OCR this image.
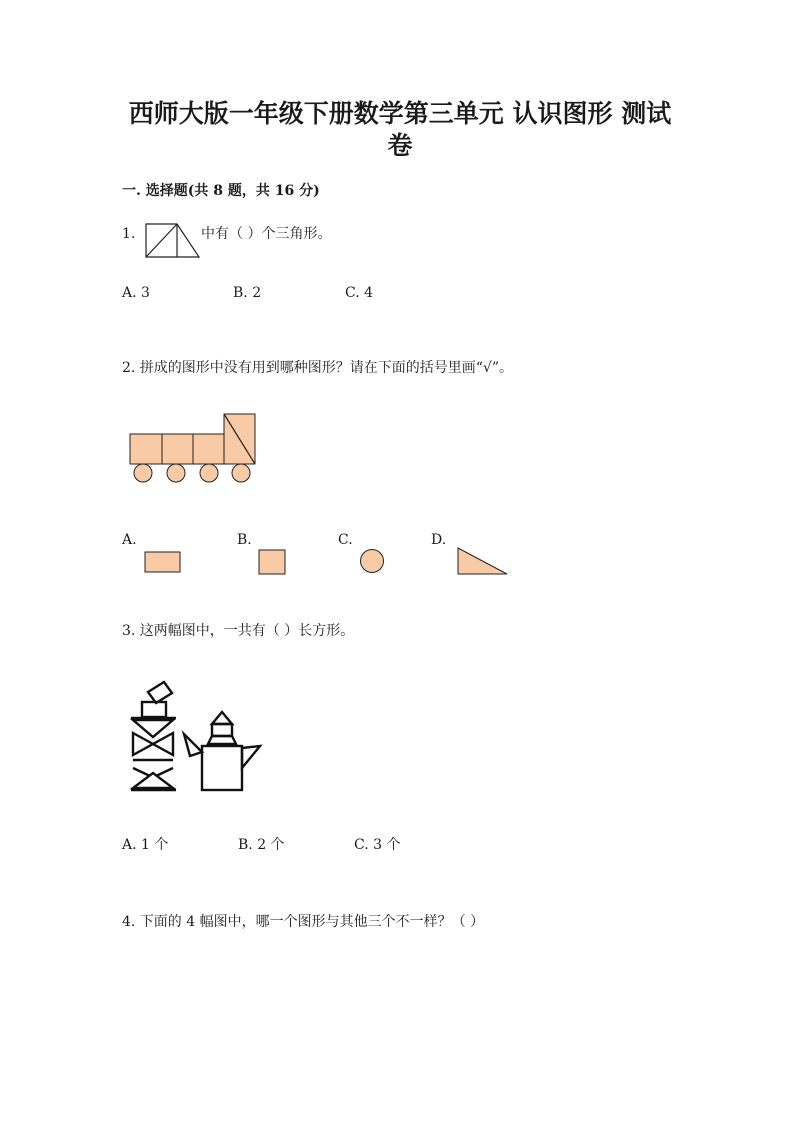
西师大版一年级下册数学第三单元 认识图形 测试
卷
一. 选择题(共 8 题，共 16 分)
1.	中有（ ）个三角形。
A. 3	B. 2	C. 4
2. 拼成的图形中没有用到哪种图形？请在下面的括号里画“√”。
A.	B.	C.	D.
3. 这两幅图中，一共有（ ）长方形。
A. 1 个	B. 2 个	C. 3 个
4. 下面的 4 幅图中，哪一个图形与其他三个不一样？（ ）
